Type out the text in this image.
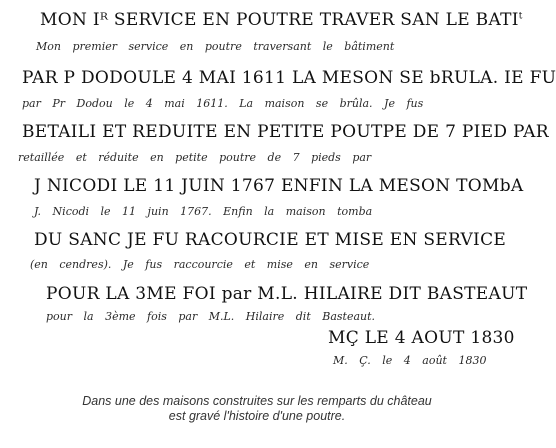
MON Iᴿ SERVICE EN POUTRE TRAVER SAN LE BATI$^t$
Mon premier service en poutre traversant le bâtiment
PAR P DODOULE 4 MAI 1611 LA MESON SE bRULA. IE FU
par Pr Dodou le 4 mai 1611. La maison se brûla. Je fus
BETAILI ET REDUITE EN PETITE POUTPE DE 7 PIED PAR
retaillée et réduite en petite poutre de 7 pieds par
J NICODI LE 11 JUIN 1767 ENFIN LA MESON TOMbA
J. Nicodi le 11 juin 1767. Enfin la maison tomba
DU SANC JE FU RACOURCIE ET MISE EN SERVICE
(en cendres). Je fus raccourcie et mise en service
POUR LA 3ME FOI par M.L. HILAIRE DIT BASTEAUT
pour la 3ème fois par M.L. Hilaire dit Basteaut.
MÇ LE 4 AOUT 1830
M. Ç. le 4 août 1830
Dans une des maisons construites sur les remparts du château
est gravé l'histoire d'une poutre.
